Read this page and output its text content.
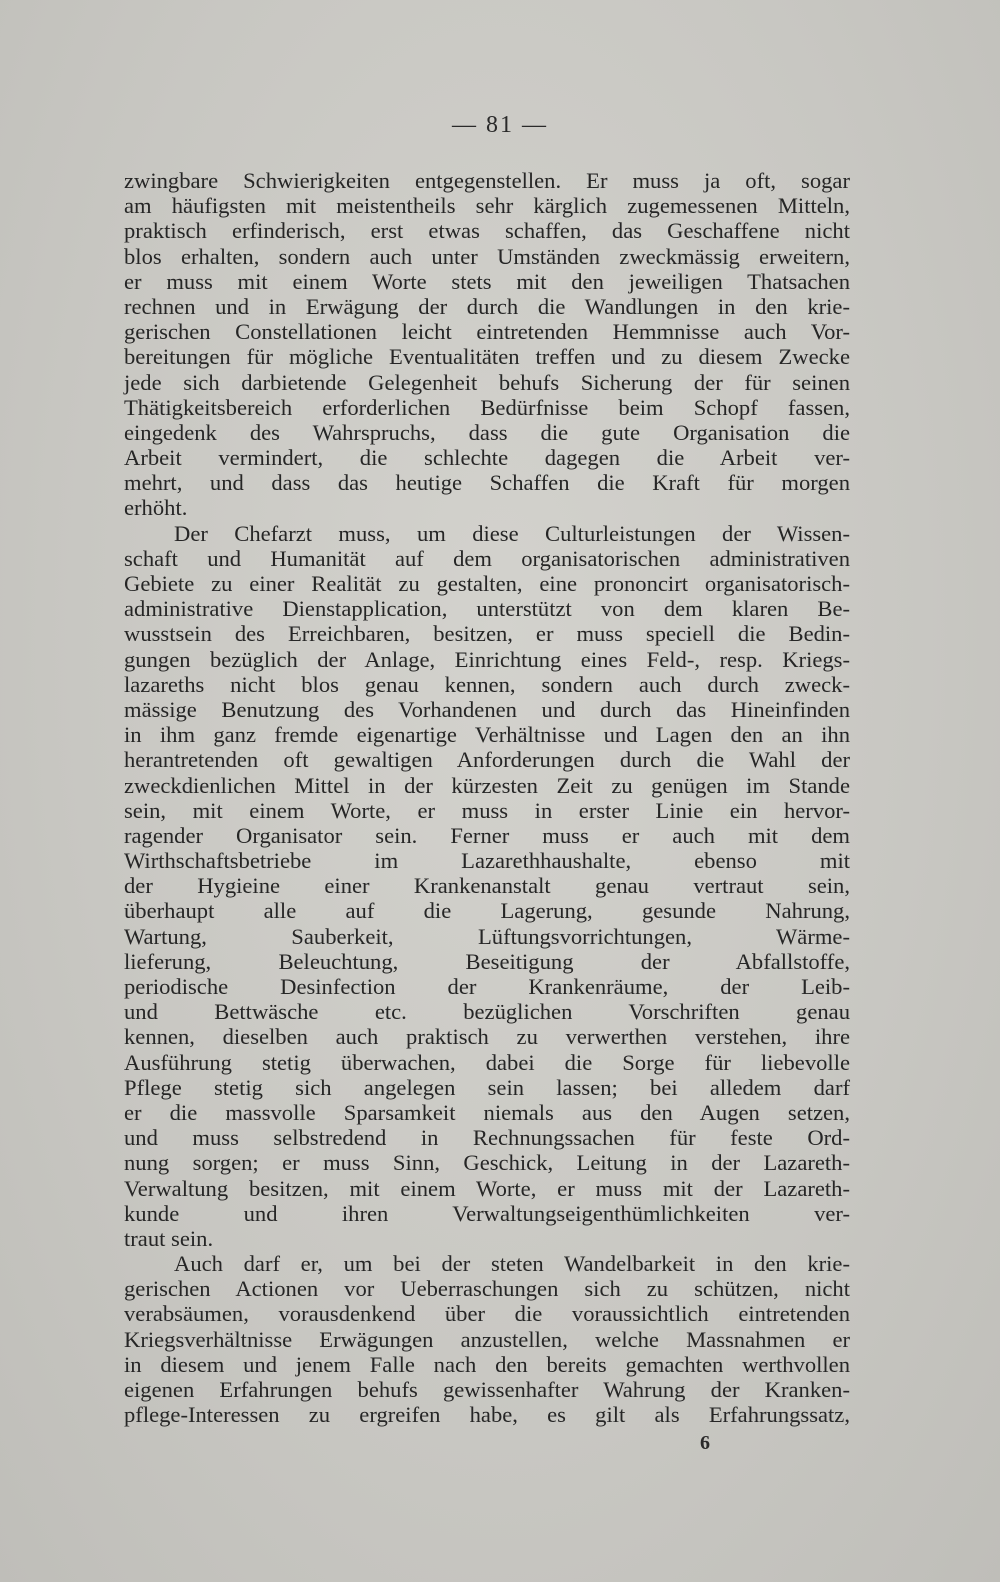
— 81 —
zwingbare Schwierigkeiten entgegenstellen. Er muss ja oft, sogar
am häufigsten mit meistentheils sehr kärglich zugemessenen Mitteln,
praktisch erfinderisch, erst etwas schaffen, das Geschaffene nicht
blos erhalten, sondern auch unter Umständen zweckmässig erweitern,
er muss mit einem Worte stets mit den jeweiligen Thatsachen
rechnen und in Erwägung der durch die Wandlungen in den krie-
gerischen Constellationen leicht eintretenden Hemmnisse auch Vor-
bereitungen für mögliche Eventualitäten treffen und zu diesem Zwecke
jede sich darbietende Gelegenheit behufs Sicherung der für seinen
Thätigkeitsbereich erforderlichen Bedürfnisse beim Schopf fassen,
eingedenk des Wahrspruchs, dass die gute Organisation die
Arbeit vermindert, die schlechte dagegen die Arbeit ver-
mehrt, und dass das heutige Schaffen die Kraft für morgen
erhöht.
Der Chefarzt muss, um diese Culturleistungen der Wissen-
schaft und Humanität auf dem organisatorischen administrativen
Gebiete zu einer Realität zu gestalten, eine prononcirt organisatorisch-
administrative Dienstapplication, unterstützt von dem klaren Be-
wusstsein des Erreichbaren, besitzen, er muss speciell die Bedin-
gungen bezüglich der Anlage, Einrichtung eines Feld-, resp. Kriegs-
lazareths nicht blos genau kennen, sondern auch durch zweck-
mässige Benutzung des Vorhandenen und durch das Hineinfinden
in ihm ganz fremde eigenartige Verhältnisse und Lagen den an ihn
herantretenden oft gewaltigen Anforderungen durch die Wahl der
zweckdienlichen Mittel in der kürzesten Zeit zu genügen im Stande
sein, mit einem Worte, er muss in erster Linie ein hervor-
ragender Organisator sein. Ferner muss er auch mit dem
Wirthschaftsbetriebe im Lazarethhaushalte, ebenso mit
der Hygieine einer Krankenanstalt genau vertraut sein,
überhaupt alle auf die Lagerung, gesunde Nahrung,
Wartung, Sauberkeit, Lüftungsvorrichtungen, Wärme-
lieferung, Beleuchtung, Beseitigung der Abfallstoffe,
periodische Desinfection der Krankenräume, der Leib-
und Bettwäsche etc. bezüglichen Vorschriften genau
kennen, dieselben auch praktisch zu verwerthen verstehen, ihre
Ausführung stetig überwachen, dabei die Sorge für liebevolle
Pflege stetig sich angelegen sein lassen; bei alledem darf
er die massvolle Sparsamkeit niemals aus den Augen setzen,
und muss selbstredend in Rechnungssachen für feste Ord-
nung sorgen; er muss Sinn, Geschick, Leitung in der Lazareth-
Verwaltung besitzen, mit einem Worte, er muss mit der Lazareth-
kunde und ihren Verwaltungseigenthümlichkeiten ver-
traut sein.
Auch darf er, um bei der steten Wandelbarkeit in den krie-
gerischen Actionen vor Ueberraschungen sich zu schützen, nicht
verabsäumen, vorausdenkend über die voraussichtlich eintretenden
Kriegsverhältnisse Erwägungen anzustellen, welche Massnahmen er
in diesem und jenem Falle nach den bereits gemachten werthvollen
eigenen Erfahrungen behufs gewissenhafter Wahrung der Kranken-
pflege-Interessen zu ergreifen habe, es gilt als Erfahrungssatz,
6
